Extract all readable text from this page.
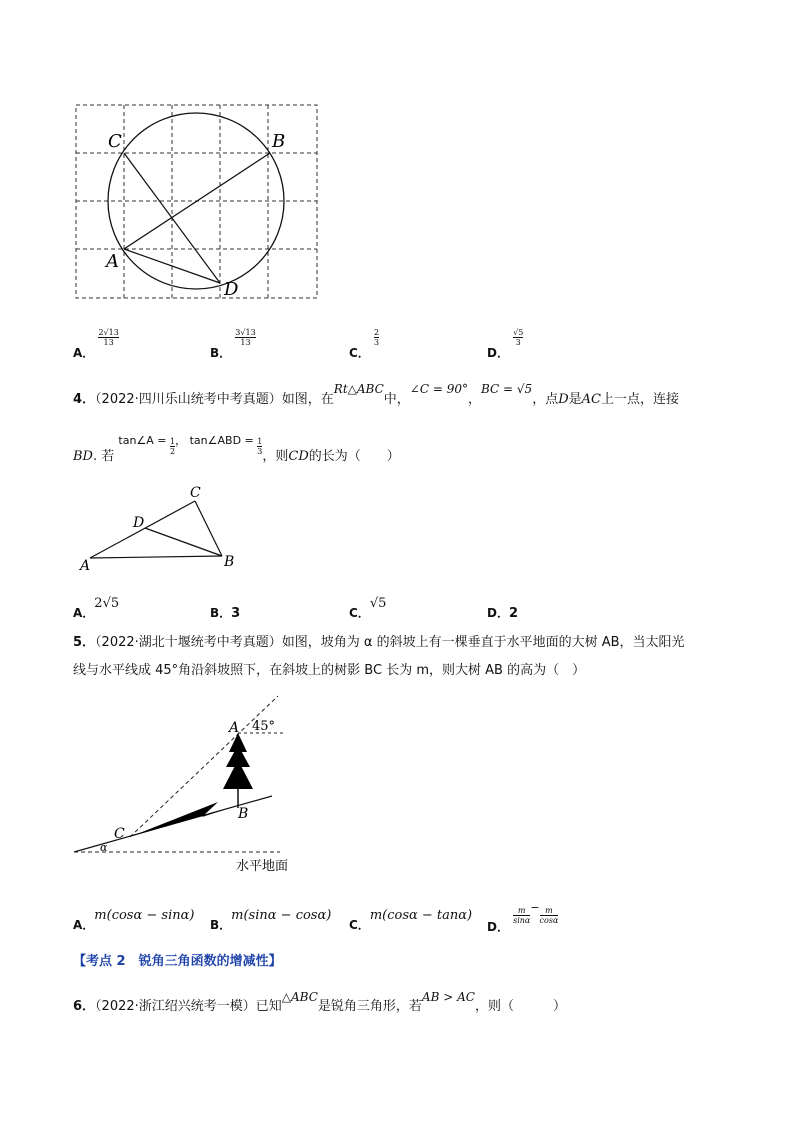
C	B
A
D
A．
$\frac{2√13}{13}$
B．
$\frac{3√13}{13}$
C．
$\frac{2}{3}$
D．
$\frac{√5}{3}$
4．（2022·四川乐山统考中考真题）如图，在Rt△ABC中，∠C = 90°，BC = √5，点D是AC上一点，连接
BD. 若 tan∠A = $\frac{1}{2}$ ， tan∠ABD = $\frac{1}{3}$
，则CD的长为（　　）
A	B
C
D
A．2√5
B．3	C．√5
D．2
5．（2022·湖北十堰统考中考真题）如图，坡角为 α 的斜坡上有一棵垂直于水平地面的大树 AB，当太阳光
线与水平线成 45°角沿斜坡照下，在斜坡上的树影 BC 长为 m，则大树 AB 的高为（　）
A 45°
B
C
α
水平地面
A．m(cosα − sinα)
B．m(sinα − cosα)
C．m(cosα − tanα)
D．
$\frac{m}{\sin\alpha} - \frac{m}{\cos\alpha}$
【考点 2　锐角三角函数的增减性】
6．（2022·浙江绍兴统考一模）已知△ABC是锐角三角形，若AB > AC，则（　　　）
